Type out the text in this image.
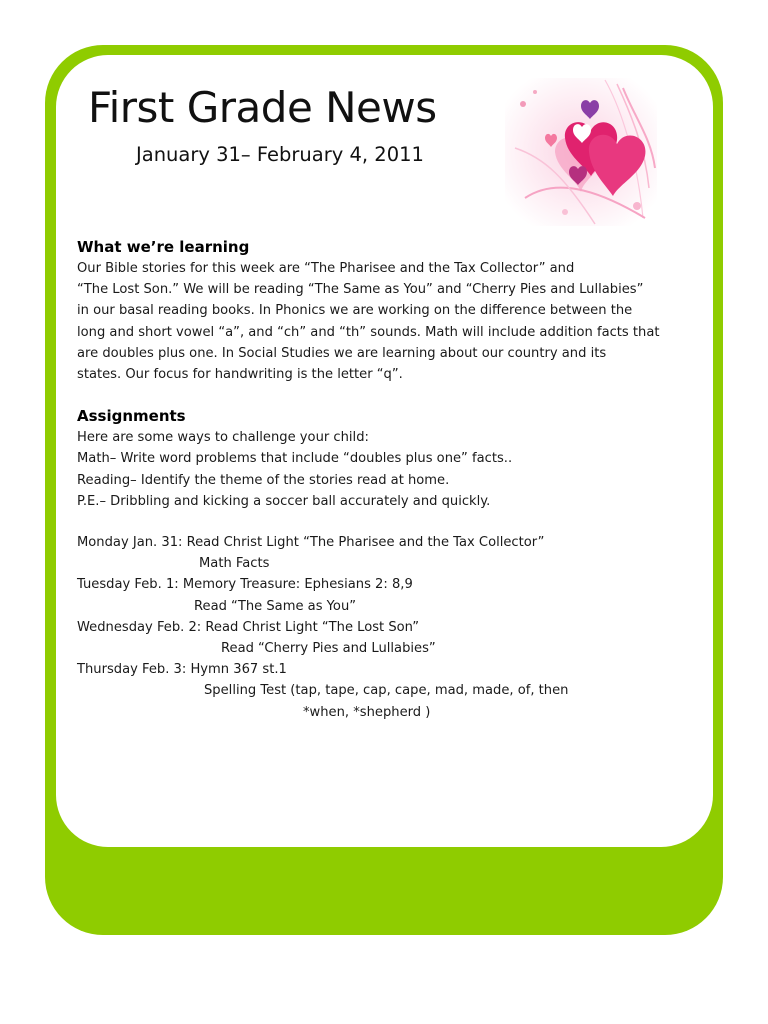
First Grade News
January 31– February 4, 2011
What we’re learning
Our Bible stories for this week are “The Pharisee and the Tax Collector” and
“The Lost Son.” We will be reading “The Same as You” and “Cherry Pies and Lullabies”
in our basal reading books. In Phonics we are working on the difference between the
long and short vowel “a”, and “ch” and “th” sounds. Math will include addition facts that
are doubles plus one. In Social Studies we are learning about our country and its
states. Our focus for handwriting is the letter “q”.
Assignments
Here are some ways to challenge your child:
Math– Write word problems that include “doubles plus one” facts..
Reading– Identify the theme of the stories read at home.
P.E.– Dribbling and kicking a soccer ball accurately and quickly.
Monday Jan. 31: Read Christ Light “The Pharisee and the Tax Collector”
Math Facts
Tuesday Feb. 1: Memory Treasure: Ephesians 2: 8,9
Read “The Same as You”
Wednesday Feb. 2: Read Christ Light “The Lost Son”
Read “Cherry Pies and Lullabies”
Thursday Feb. 3: Hymn 367 st.1
Spelling Test (tap, tape, cap, cape, mad, made, of, then
*when, *shepherd )
